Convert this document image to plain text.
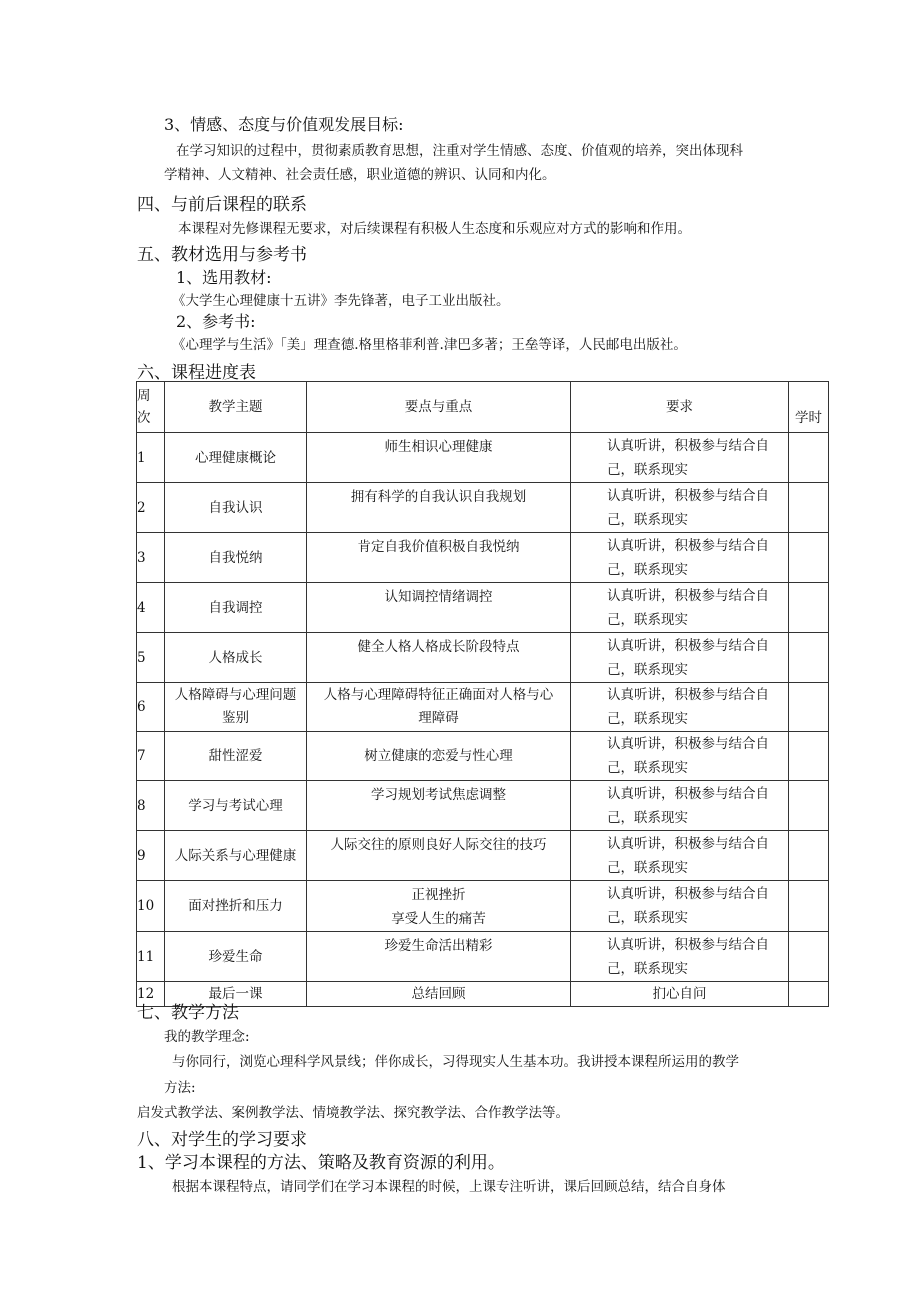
3、情感、态度与价值观发展目标:
在学习知识的过程中，贯彻素质教育思想，注重对学生情感、态度、价值观的培养，突出体现科
学精神、人文精神、社会责任感，职业道德的辨识、认同和内化。
四、与前后课程的联系
本课程对先修课程无要求，对后续课程有积极人生态度和乐观应对方式的影响和作用。
五、教材选用与参考书
1、选用教材:
《大学生心理健康十五讲》李先锋著，电子工业出版社。
2、参考书:
《心理学与生活》「美」理查德.格里格菲利普.津巴多著；王垒等译，人民邮电出版社。
六、课程进度表
周
次	教学主题	要点与重点	要求	学时
1	心理健康概论	师生相识心理健康	认真听讲，积极参与结合自
己，联系现实	

2	自我认识	拥有科学的自我认识自我规划	认真听讲，积极参与结合自
己，联系现实	

3	自我悦纳	肯定自我价值积极自我悦纳	认真听讲，积极参与结合自
己，联系现实	

4	自我调控	认知调控情绪调控	认真听讲，积极参与结合自
己，联系现实	

5	人格成长	健全人格人格成长阶段特点	认真听讲，积极参与结合自
己，联系现实	

6	人格障碍与心理问题
鉴别	人格与心理障碍特征正确面对人格与心
理障碍	认真听讲，积极参与结合自
己，联系现实	

7	甜性涩爱	树立健康的恋爱与性心理	认真听讲，积极参与结合自
己，联系现实	

8	学习与考试心理	学习规划考试焦虑调整	认真听讲，积极参与结合自
己，联系现实	

9	人际关系与心理健康	人际交往的原则良好人际交往的技巧	认真听讲，积极参与结合自
己，联系现实	

10	面对挫折和压力	正视挫折
享受人生的痛苦	认真听讲，积极参与结合自
己，联系现实	

11	珍爱生命	珍爱生命活出精彩	认真听讲，积极参与结合自
己，联系现实	

12	最后一课	总结回顾	扪心自问	
七、教学方法
我的教学理念:
与你同行，浏览心理科学风景线；伴你成长，习得现实人生基本功。我讲授本课程所运用的教学
方法:
启发式教学法、案例教学法、情境教学法、探究教学法、合作教学法等。
八、对学生的学习要求
1、学习本课程的方法、策略及教育资源的利用。
根据本课程特点，请同学们在学习本课程的时候，上课专注听讲，课后回顾总结，结合自身体
